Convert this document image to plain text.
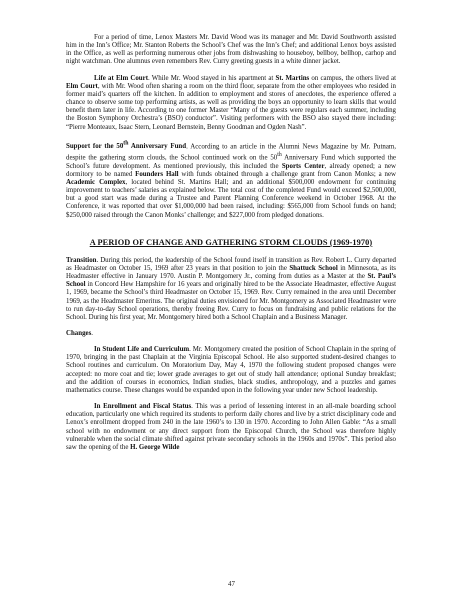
For a period of time, Lenox Masters Mr. David Wood was its manager and Mr. David Southworth assisted him in the Inn’s Office; Mr. Stanton Roberts the School’s Chef was the Inn’s Chef; and additional Lenox boys assisted in the Office, as well as performing numerous other jobs from dishwashing to houseboy, bellboy, bellhop, carhop and night watchman. One alumnus even remembers Rev. Curry greeting guests in a white dinner jacket.

Life at Elm Court. While Mr. Wood stayed in his apartment at St. Martins on campus, the others lived at Elm Court, with Mr. Wood often sharing a room on the third floor, separate from the other employees who resided in former maid’s quarters off the kitchen. In addition to employment and stores of anecdotes, the experience offered a chance to observe some top performing artists, as well as providing the boys an opportunity to learn skills that would benefit them later in life. According to one former Master “Many of the guests were regulars each summer, including the Boston Symphony Orchestra’s (BSO) conductor”. Visiting performers with the BSO also stayed there including: “Pierre Monteaux, Isaac Stern, Leonard Bernstein, Benny Goodman and Ogden Nash”.

Support for the 50th Anniversary Fund. According to an article in the Alumni News Magazine by Mr. Putnam, despite the gathering storm clouds, the School continued work on the 50th Anniversary Fund which supported the School’s future development. As mentioned previously, this included the Sports Center, already opened; a new dormitory to be named Founders Hall with funds obtained through a challenge grant from Canon Monks; a new Academic Complex, located behind St. Martins Hall; and an additional $500,000 endowment for continuing improvement to teachers’ salaries as explained below. The total cost of the completed Fund would exceed $2,500,000, but a good start was made during a Trustee and Parent Planning Conference weekend in October 1968. At the Conference, it was reported that over $1,000,000 had been raised, including: $565,000 from School funds on hand; $250,000 raised through the Canon Monks’ challenge; and $227,000 from pledged donations.

A PERIOD OF CHANGE AND GATHERING STORM CLOUDS (1969-1970)

Transition. During this period, the leadership of the School found itself in transition as Rev. Robert L. Curry departed as Headmaster on October 15, 1969 after 23 years in that position to join the Shattuck School in Minnesota, as its Headmaster effective in January 1970. Austin P. Montgomery Jr., coming from duties as a Master at the St. Paul’s School in Concord Hew Hampshire for 16 years and originally hired to be the Associate Headmaster, effective August 1, 1969, became the School’s third Headmaster on October 15, 1969. Rev. Curry remained in the area until December 1969, as the Headmaster Emeritus. The original duties envisioned for Mr. Montgomery as Associated Headmaster were to run day-to-day School operations, thereby freeing Rev. Curry to focus on fundraising and public relations for the School. During his first year, Mr. Montgomery hired both a School Chaplain and a Business Manager.

Changes.

In Student Life and Curriculum. Mr. Montgomery created the position of School Chaplain in the spring of 1970, bringing in the past Chaplain at the Virginia Episcopal School. He also supported student-desired changes to School routines and curriculum. On Moratorium Day, May 4, 1970 the following student proposed changes were accepted: no more coat and tie; lower grade averages to get out of study hall attendance; optional Sunday breakfast; and the addition of courses in economics, Indian studies, black studies, anthropology, and a puzzles and games mathematics course. These changes would be expanded upon in the following year under new School leadership.

In Enrollment and Fiscal Status. This was a period of lessening interest in an all-male boarding school education, particularly one which required its students to perform daily chores and live by a strict disciplinary code and Lenox’s enrollment dropped from 240 in the late 1960’s to 130 in 1970. According to John Allen Gable: “As a small school with no endowment or any direct support from the Episcopal Church, the School was therefore highly vulnerable when the social climate shifted against private secondary schools in the 1960s and 1970s”. This period also saw the opening of the H. George Wilde

47
